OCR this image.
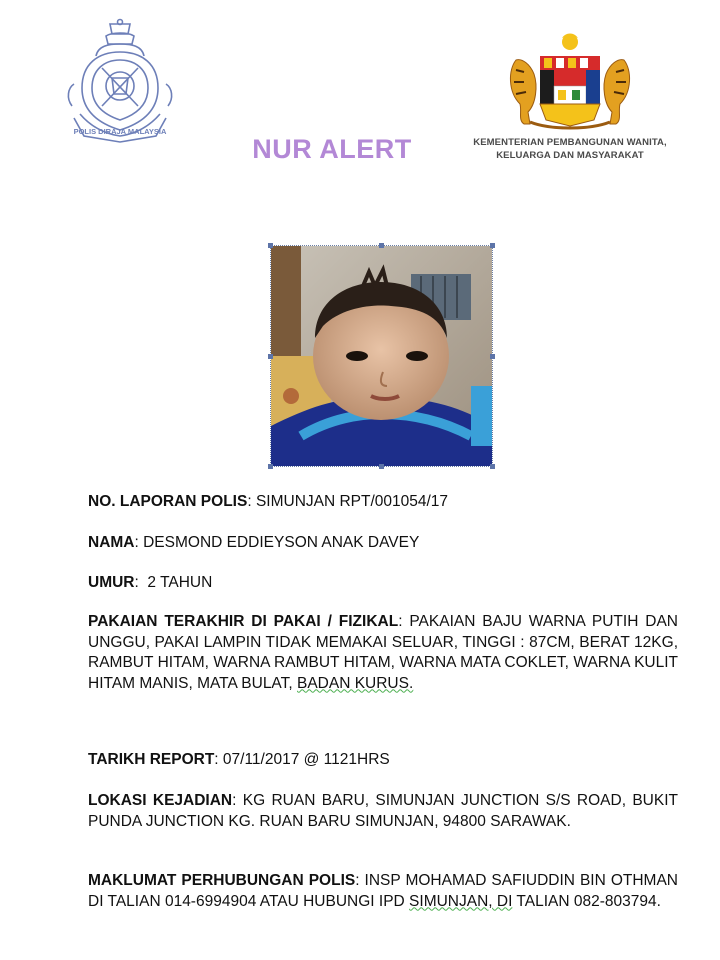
POLIS DIRAJA MALAYSIA
KEMENTERIAN PEMBANGUNAN WANITA,
KELUARGA DAN MASYARAKAT
NUR ALERT
NO. LAPORAN POLIS: SIMUNJAN RPT/001054/17
NAMA: DESMOND EDDIEYSON ANAK DAVEY
UMUR:  2 TAHUN
PAKAIAN TERAKHIR DI PAKAI / FIZIKAL: PAKAIAN BAJU WARNA PUTIH DAN UNGGU, PAKAI LAMPIN TIDAK MEMAKAI SELUAR, TINGGI : 87CM, BERAT 12KG, RAMBUT HITAM, WARNA RAMBUT HITAM, WARNA MATA COKLET, WARNA KULIT HITAM MANIS, MATA BULAT, BADAN KURUS.
TARIKH REPORT: 07/11/2017 @ 1121HRS
LOKASI KEJADIAN: KG RUAN BARU, SIMUNJAN JUNCTION S/S ROAD, BUKIT PUNDA JUNCTION KG. RUAN BARU SIMUNJAN, 94800 SARAWAK.
MAKLUMAT PERHUBUNGAN POLIS: INSP MOHAMAD SAFIUDDIN BIN OTHMAN DI TALIAN 014-6994904 ATAU HUBUNGI IPD SIMUNJAN, DI TALIAN 082-803794.
